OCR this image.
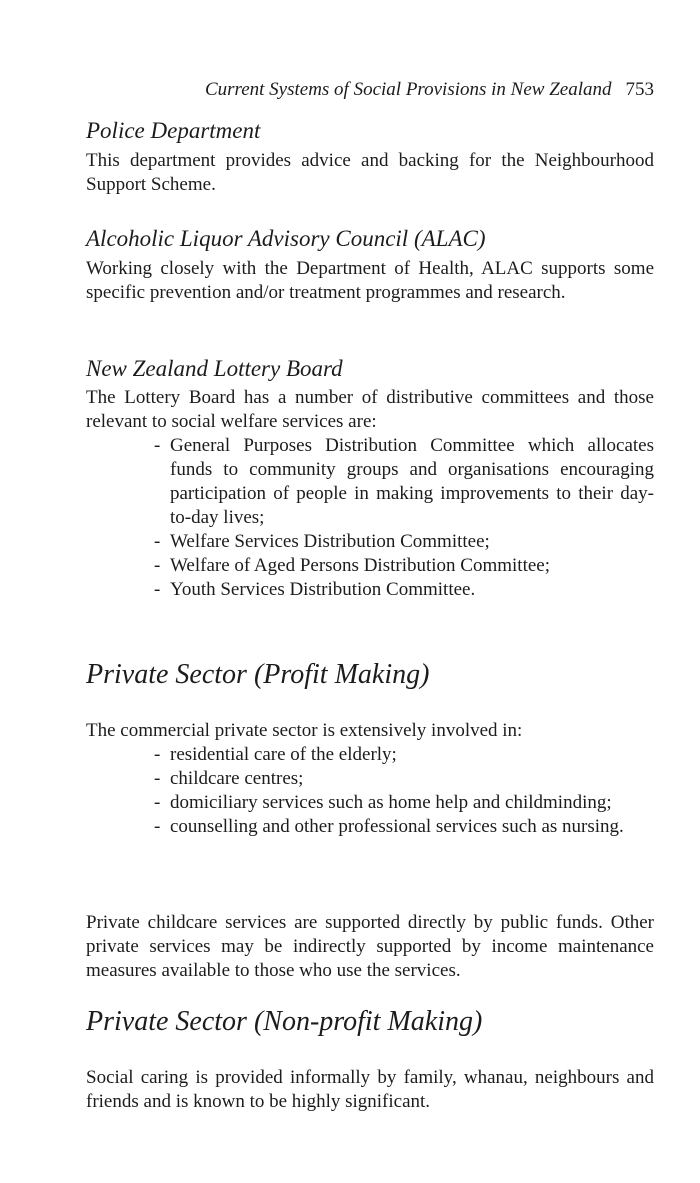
Current Systems of Social Provisions in New Zealand 753
Police Department

This department provides advice and backing for the Neighbourhood Support Scheme.

Alcoholic Liquor Advisory Council (ALAC)

Working closely with the Department of Health, ALAC supports some specific prevention and/or treatment programmes and research.

New Zealand Lottery Board

The Lottery Board has a number of distributive committees and those relevant to social welfare services are:

- General Purposes Distribution Committee which allocates funds to community groups and organisations encouraging participation of people in making improvements to their day-to-day lives;
- Welfare Services Distribution Committee;
- Welfare of Aged Persons Distribution Committee;
- Youth Services Distribution Committee.
Private Sector (Profit Making)

The commercial private sector is extensively involved in:

- residential care of the elderly;
- childcare centres;
- domiciliary services such as home help and childminding;
- counselling and other professional services such as nursing.

Private childcare services are supported directly by public funds. Other private services may be indirectly supported by income maintenance measures available to those who use the services.

Private Sector (Non-profit Making)

Social caring is provided informally by family, whanau, neighbours and friends and is known to be highly significant.
